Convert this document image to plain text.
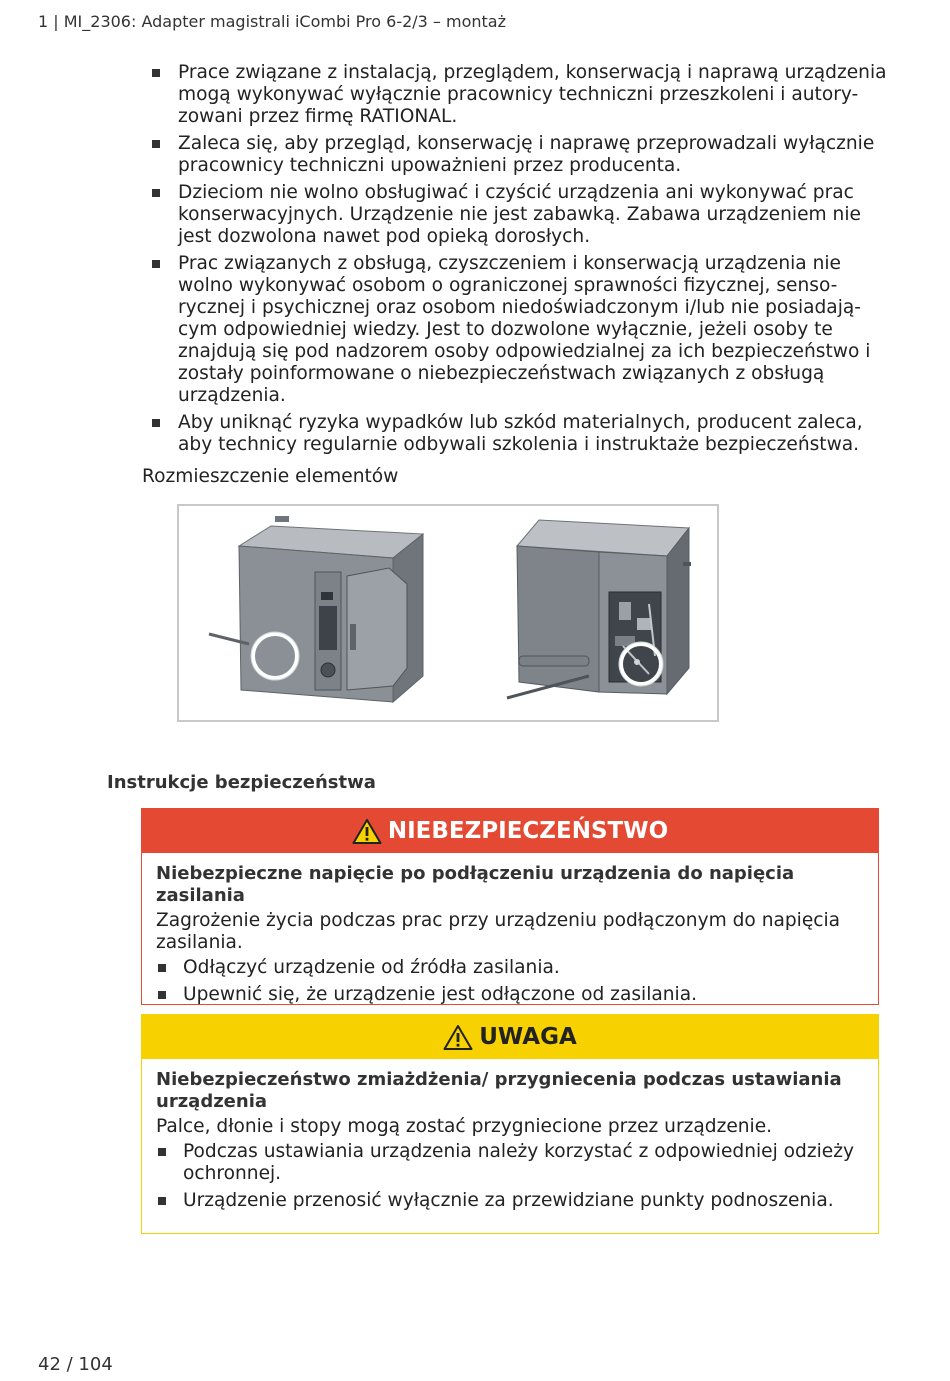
1 | MI_2306: Adapter magistrali iCombi Pro 6-2/3 – montaż
Prace związane z instalacją, przeglądem, konserwacją i naprawą urządzenia mogą wykonywać wyłącznie pracownicy techniczni przeszkoleni i autory-zowani przez firmę RATIONAL.
Zaleca się, aby przegląd, konserwację i naprawę przeprowadzali wyłącznie pracownicy techniczni upoważnieni przez producenta.
Dzieciom nie wolno obsługiwać i czyścić urządzenia ani wykonywać prac konserwacyjnych. Urządzenie nie jest zabawką. Zabawa urządzeniem nie jest dozwolona nawet pod opieką dorosłych.
Prac związanych z obsługą, czyszczeniem i konserwacją urządzenia nie wolno wykonywać osobom o ograniczonej sprawności fizycznej, senso-rycznej i psychicznej oraz osobom niedoświadczonym i/lub nie posiadają-cym odpowiedniej wiedzy. Jest to dozwolone wyłącznie, jeżeli osoby te znajdują się pod nadzorem osoby odpowiedzialnej za ich bezpieczeństwo i zostały poinformowane o niebezpieczeństwach związanych z obsługą urządzenia.
Aby uniknąć ryzyka wypadków lub szkód materialnych, producent zaleca, aby technicy regularnie odbywali szkolenia i instruktaże bezpieczeństwa.
Rozmieszczenie elementów
Instrukcje bezpieczeństwa
NIEBEZPIECZEŃSTWO
Niebezpieczne napięcie po podłączeniu urządzenia do napięcia zasilania
Zagrożenie życia podczas prac przy urządzeniu podłączonym do napięcia zasilania.
Odłączyć urządzenie od źródła zasilania.
Upewnić się, że urządzenie jest odłączone od zasilania.
UWAGA
Niebezpieczeństwo zmiażdżenia/ przygniecenia podczas ustawiania urządzenia
Palce, dłonie i stopy mogą zostać przygniecione przez urządzenie.
Podczas ustawiania urządzenia należy korzystać z odpowiedniej odzieży ochronnej.
Urządzenie przenosić wyłącznie za przewidziane punkty podnoszenia.
42 / 104
